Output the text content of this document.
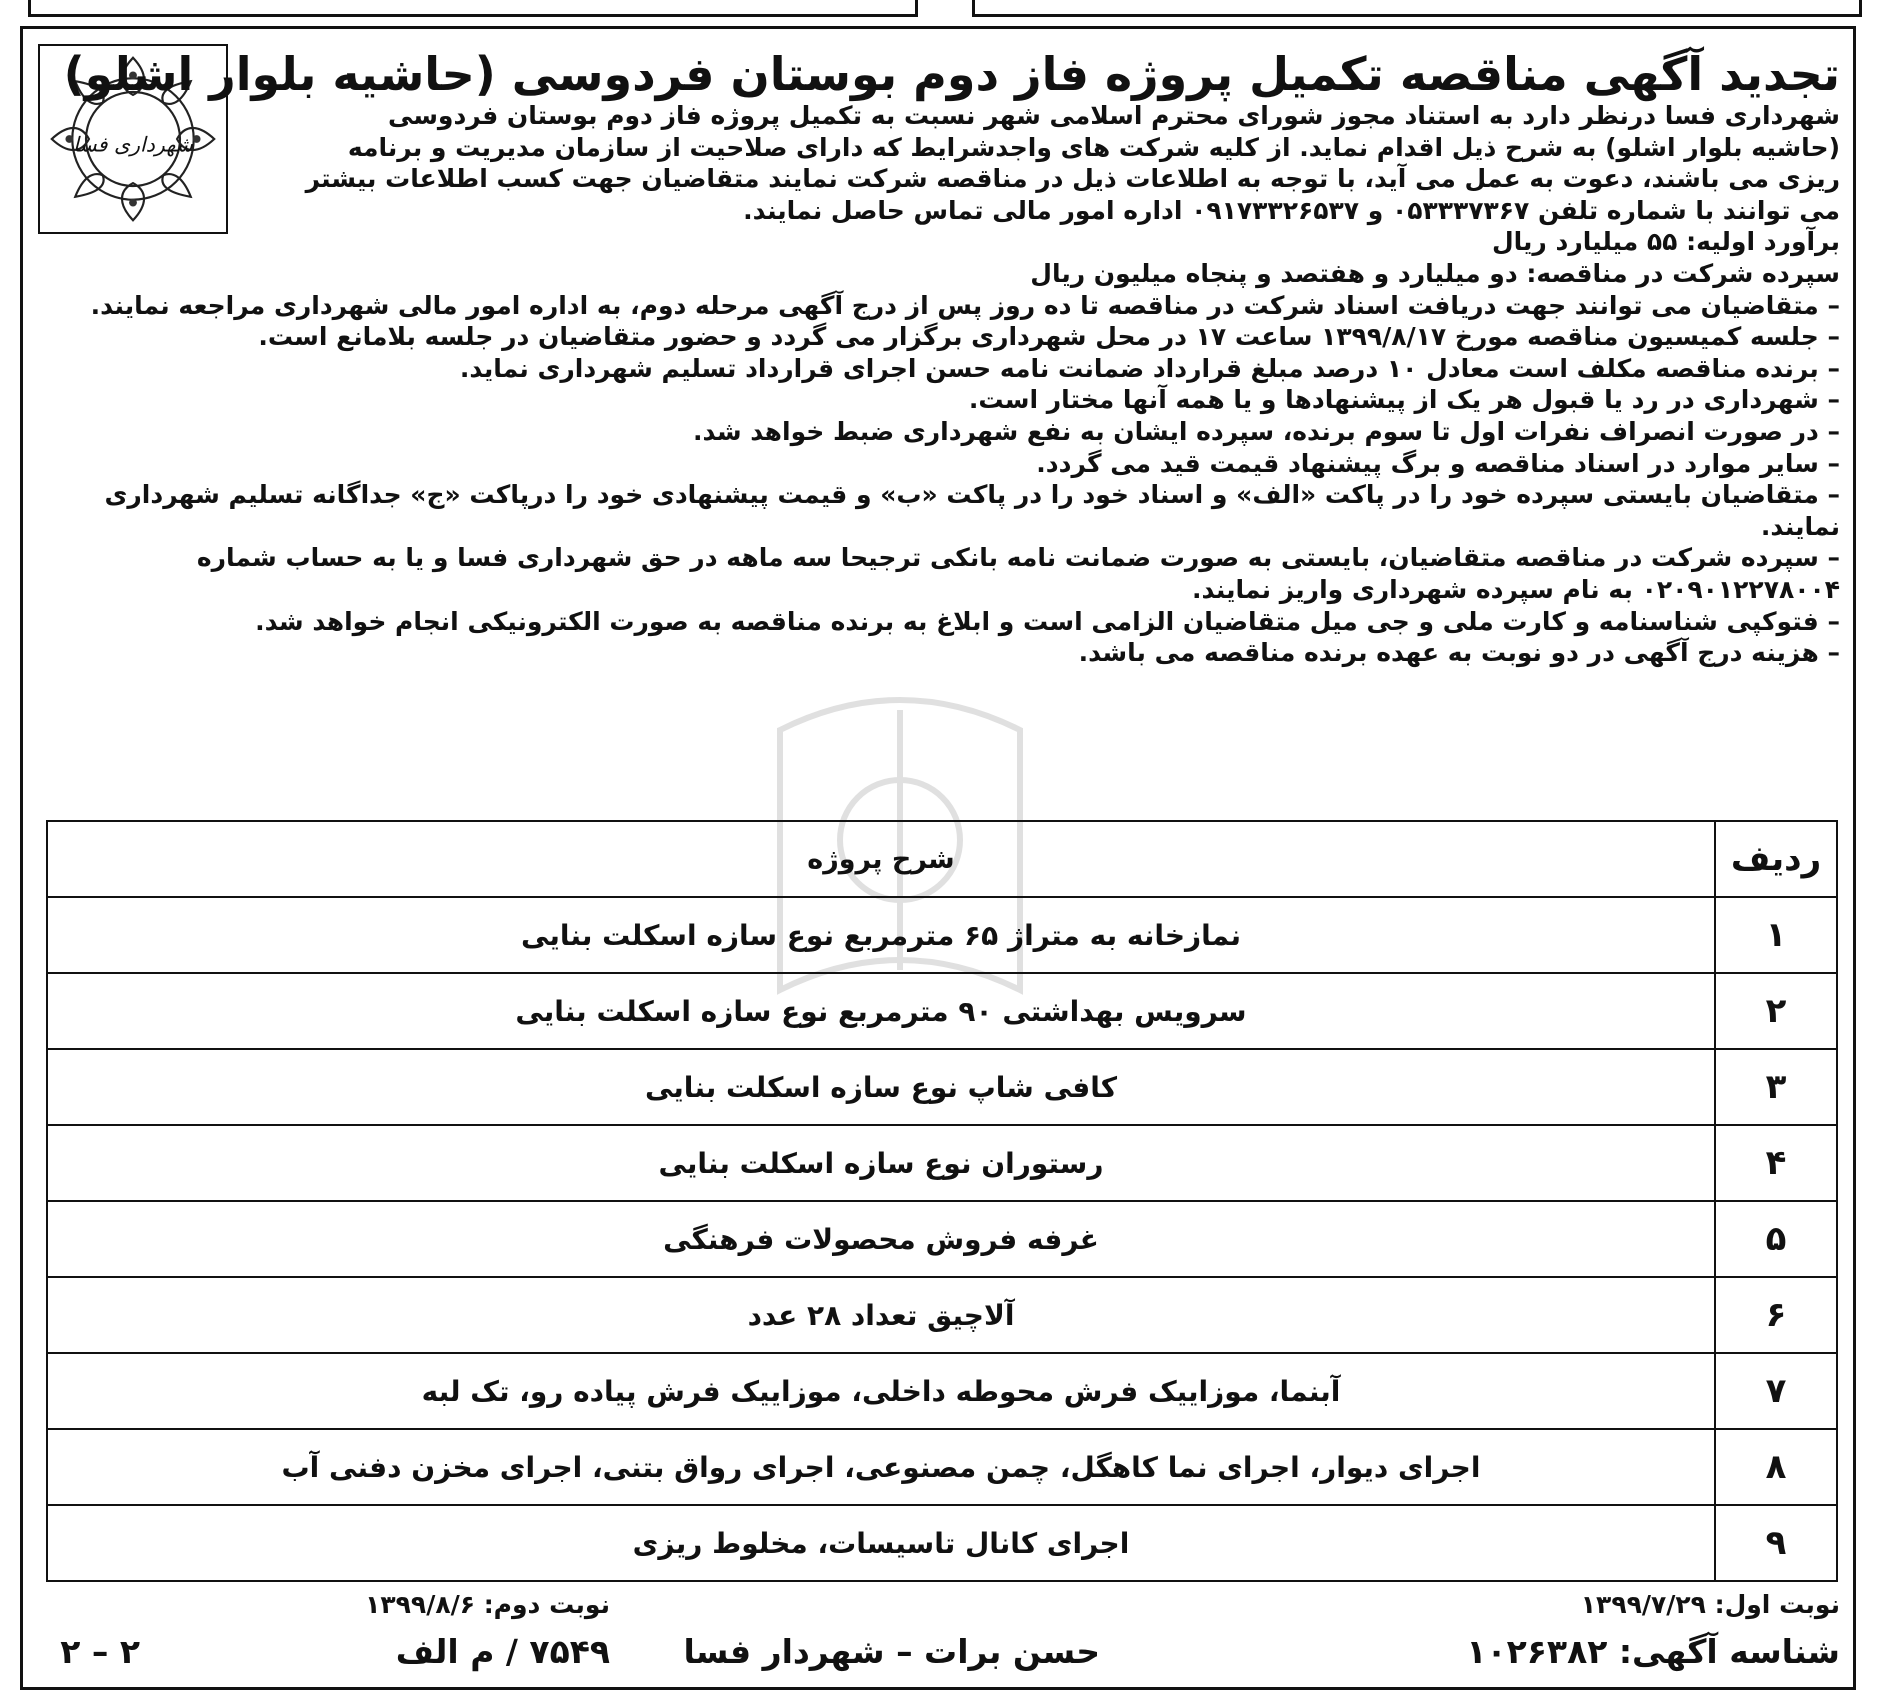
شهرداری فسا
تجدید آگهی مناقصه تکمیل پروژه فاز دوم بوستان فردوسی (حاشیه بلوار اشلو)

شهرداری فسا درنظر دارد به استناد مجوز شورای محترم اسلامی شهر نسبت به تکمیل پروژه فاز دوم بوستان فردوسی (حاشیه بلوار اشلو) به شرح ذیل اقدام نماید. از کلیه شرکت های واجدشرایط که دارای صلاحیت از سازمان مدیریت و برنامه ریزی می باشند، دعوت به عمل می آید، با توجه به اطلاعات ذیل در مناقصه شرکت نمایند متقاضیان جهت کسب اطلاعات بیشتر می توانند با شماره تلفن ۰۵۳۳۳۷۳۶۷ و ۰۹۱۷۳۳۲۶۵۳۷ اداره امور مالی تماس حاصل نمایند.

برآورد اولیه: ۵۵ میلیارد ریال

سپرده شرکت در مناقصه: دو میلیارد و هفتصد و پنجاه میلیون ریال

– متقاضیان می توانند جهت دریافت اسناد شرکت در مناقصه تا ده روز پس از درج آگهی مرحله دوم، به اداره امور مالی شهرداری مراجعه نمایند.

– جلسه کمیسیون مناقصه مورخ ۱۳۹۹/۸/۱۷ ساعت ۱۷ در محل شهرداری برگزار می گردد و حضور متقاضیان در جلسه بلامانع است.

– برنده مناقصه مکلف است معادل ۱۰ درصد مبلغ قرارداد ضمانت نامه حسن اجرای قرارداد تسلیم شهرداری نماید.

– شهرداری در رد یا قبول هر یک از پیشنهادها و یا همه آنها مختار است.

– در صورت انصراف نفرات اول تا سوم برنده، سپرده ایشان به نفع شهرداری ضبط خواهد شد.

– سایر موارد در اسناد مناقصه و برگ پیشنهاد قیمت قید می گردد.

– متقاضیان بایستی سپرده خود را در پاکت «الف» و اسناد خود را در پاکت «ب» و قیمت پیشنهادی خود را درپاکت «ج» جداگانه تسلیم شهرداری نمایند.

– سپرده شرکت در مناقصه متقاضیان، بایستی به صورت ضمانت نامه بانکی ترجیحا سه ماهه در حق شهرداری فسا و یا به حساب شماره ۰۲۰۹۰۱۲۲۷۸۰۰۴ به نام سپرده شهرداری واریز نمایند.

– فتوکپی شناسنامه و کارت ملی و جی میل متقاضیان الزامی است و ابلاغ به برنده مناقصه به صورت الکترونیکی انجام خواهد شد.

– هزینه درج آگهی در دو نوبت به عهده برنده مناقصه می باشد.

ردیف	شرح پروژه
۱	نمازخانه به متراژ ۶۵ مترمربع نوع سازه اسکلت بنایی
۲	سرویس بهداشتی ۹۰ مترمربع نوع سازه اسکلت بنایی
۳	کافی شاپ نوع سازه اسکلت بنایی
۴	رستوران نوع سازه اسکلت بنایی
۵	غرفه فروش محصولات فرهنگی
۶	آلاچیق تعداد ۲۸ عدد
۷	آبنما، موزاییک فرش محوطه داخلی، موزاییک فرش پیاده رو، تک لبه
۸	اجرای دیوار، اجرای نما کاهگل، چمن مصنوعی، اجرای رواق بتنی، اجرای مخزن دفنی آب
۹	اجرای کانال تاسیسات، مخلوط ریزی
نوبت اول: ۱۳۹۹/۷/۲۹
نوبت دوم: ۱۳۹۹/۸/۶
شناسه آگهی: ۱۰۲۶۳۸۲
حسن برات – شهردار فسا
۷۵۴۹ / م الف
۲ – ۲
